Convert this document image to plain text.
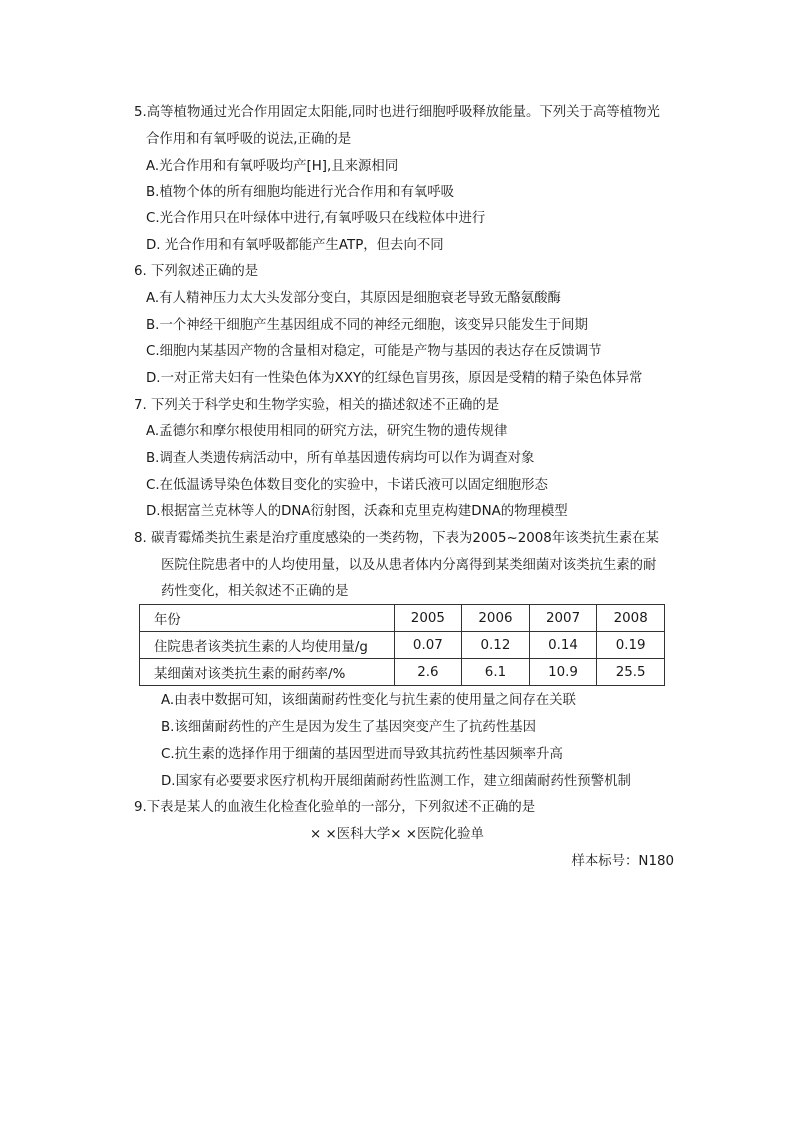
5.高等植物通过光合作用固定太阳能,同时也进行细胞呼吸释放能量。下列关于高等植物光
合作用和有氧呼吸的说法,正确的是
A.光合作用和有氧呼吸均产[H],且来源相同
B.植物个体的所有细胞均能进行光合作用和有氧呼吸
C.光合作用只在叶绿体中进行,有氧呼吸只在线粒体中进行
D. 光合作用和有氧呼吸都能产生ATP，但去向不同
6. 下列叙述正确的是
A.有人精神压力太大头发部分变白，其原因是细胞衰老导致无酪氨酸酶
B.一个神经干细胞产生基因组成不同的神经元细胞，该变异只能发生于间期
C.细胞内某基因产物的含量相对稳定，可能是产物与基因的表达存在反馈调节
D.一对正常夫妇有一性染色体为XXY的红绿色盲男孩，原因是受精的精子染色体异常
7. 下列关于科学史和生物学实验，相关的描述叙述不正确的是
A.孟德尔和摩尔根使用相同的研究方法，研究生物的遗传规律
B.调查人类遗传病活动中，所有单基因遗传病均可以作为调查对象
C.在低温诱导染色体数目变化的实验中，卡诺氏液可以固定细胞形态
D.根据富兰克林等人的DNA衍射图，沃森和克里克构建DNA的物理模型
8. 碳青霉烯类抗生素是治疗重度感染的一类药物，下表为2005~2008年该类抗生素在某
医院住院患者中的人均使用量，以及从患者体内分离得到某类细菌对该类抗生素的耐
药性变化，相关叙述不正确的是
年份	2005	2006	2007	2008
住院患者该类抗生素的人均使用量/g	0.07	0.12	0.14	0.19
某细菌对该类抗生素的耐药率/%	2.6	6.1	10.9	25.5
A.由表中数据可知，该细菌耐药性变化与抗生素的使用量之间存在关联
B.该细菌耐药性的产生是因为发生了基因突变产生了抗药性基因
C.抗生素的选择作用于细菌的基因型进而导致其抗药性基因频率升高
D.国家有必要要求医疗机构开展细菌耐药性监测工作，建立细菌耐药性预警机制
9.下表是某人的血液生化检查化验单的一部分，下列叙述不正确的是
× ×医科大学× ×医院化验单
样本标号：N180
